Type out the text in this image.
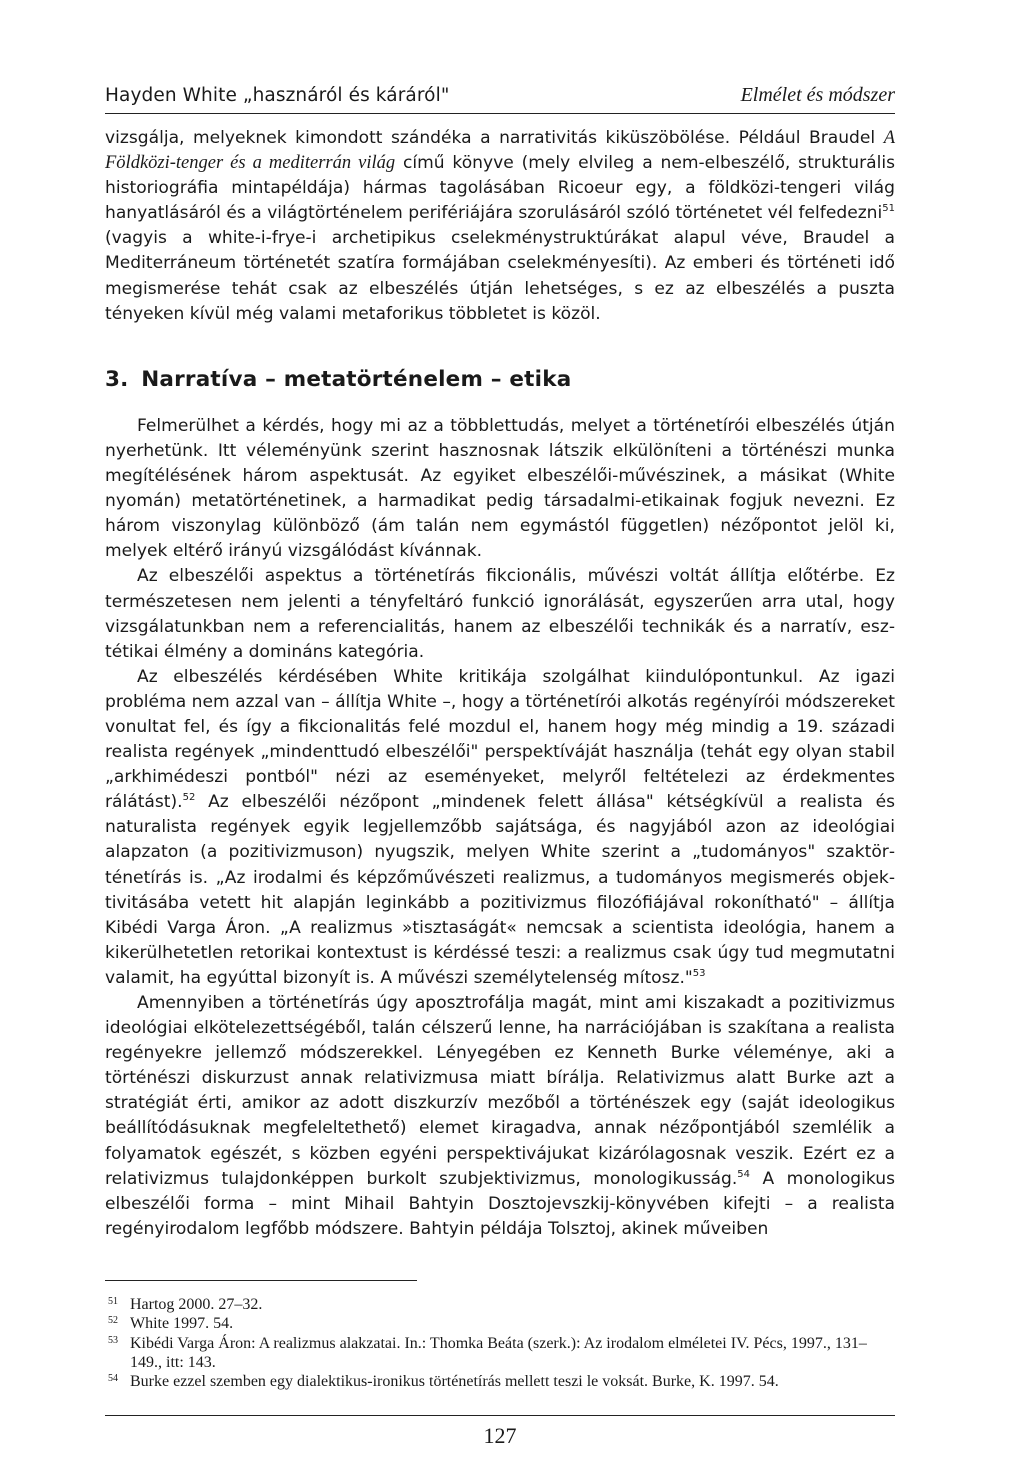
Hayden White „hasznáról és káráról"	Elmélet és módszer

vizsgálja, melyeknek kimondott szándéka a narrativitás kiküszöbölése. Például Braudel A Földközi-tenger és a mediterrán világ című könyve (mely elvileg a nem-elbeszélő, strukturális historiográfia mintapéldája) hármas tagolásában Ricoeur egy, a földközi-tengeri világ hanyatlásáról és a világtörténelem perifériájára szorulásáról szóló történetet vél felfedezni$^{51}$ (vagyis a white-i-frye-i archetipikus cselekménystruktúrákat alapul véve, Braudel a Mediterráneum történetét szatíra formájában cselekményesíti). Az emberi és történeti idő megismerése tehát csak az elbeszélés útján lehetséges, s ez az elbeszélés a puszta tényeken kívül még valami metaforikus többletet is közöl.

3. Narratíva – metatörténelem – etika

Felmerülhet a kérdés, hogy mi az a többlettudás, melyet a történetírói elbeszélés útján nyerhetünk. Itt véleményünk szerint hasznosnak látszik elkülöníteni a történészi munka megítélésének három aspektusát. Az egyiket elbeszélői-művészinek, a másikat (White nyomán) metatörténetinek, a harmadikat pedig társadalmi-etikainak fogjuk nevezni. Ez három viszonylag különböző (ám talán nem egymástól független) nézőpontot jelöl ki, melyek eltérő irányú vizsgálódást kívánnak.

Az elbeszélői aspektus a történetírás fikcionális, művészi voltát állítja előtérbe. Ez természetesen nem jelenti a tényfeltáró funkció ignorálását, egyszerűen arra utal, hogy vizsgálatunkban nem a referencialitás, hanem az elbeszélői technikák és a narratív, esztétikai élmény a domináns kategória.

Az elbeszélés kérdésében White kritikája szolgálhat kiindulópontunkul. Az igazi probléma nem azzal van – állítja White –, hogy a történetírói alkotás regényírói módszereket vonultat fel, és így a fikcionalitás felé mozdul el, hanem hogy még mindig a 19. századi realista regények „mindenttudó elbeszélői" perspektíváját használja (tehát egy olyan stabil „arkhimédeszi pontból" nézi az eseményeket, melyről feltételezi az érdekmentes rálátást).$^{52}$ Az elbeszélői nézőpont „mindenek felett állása" kétségkívül a realista és naturalista regények egyik legjellemzőbb sajátsága, és nagyjából azon az ideológiai alapzaton (a pozitivizmuson) nyugszik, melyen White szerint a „tudományos" szaktörténetírás is. „Az irodalmi és képzőművészeti realizmus, a tudományos megismerés objektivitásába vetett hit alapján leginkább a pozitivizmus filozófiájával rokonítható" – állítja Kibédi Varga Áron. „A realizmus »tisztaságát« nemcsak a scientista ideológia, hanem a kikerülhetetlen retorikai kontextust is kérdéssé teszi: a realizmus csak úgy tud megmutatni valamit, ha egyúttal bizonyít is. A művészi személytelenség mítosz."$^{53}$

Amennyiben a történetírás úgy aposztrofálja magát, mint ami kiszakadt a pozitivizmus ideológiai elkötelezettségéből, talán célszerű lenne, ha narrációjában is szakítana a realista regényekre jellemző módszerekkel. Lényegében ez Kenneth Burke véleménye, aki a történészi diskurzust annak relativizmusa miatt bírálja. Relativizmus alatt Burke azt a stratégiát érti, amikor az adott diszkurzív mezőből a történészek egy (saját ideologikus beállítódásuknak megfeleltethető) elemet kiragadva, annak nézőpontjából szemlélik a folyamatok egészét, s közben egyéni perspektivájukat kizárólagosnak veszik. Ezért ez a relativizmus tulajdonképpen burkolt szubjektivizmus, monologikusság.$^{54}$ A monologikus elbeszélői forma – mint Mihail Bahtyin Dosztojevszkij-könyvében kifejti – a realista regényirodalom legfőbb módszere. Bahtyin példája Tolsztoj, akinek műveiben

51 Hartog 2000. 27–32.
52 White 1997. 54.
53 Kibédi Varga Áron: A realizmus alakzatai. In.: Thomka Beáta (szerk.): Az irodalom elméletei IV. Pécs, 1997., 131–149., itt: 143.
54 Burke ezzel szemben egy dialektikus-ironikus történetírás mellett teszi le voksát. Burke, K. 1997. 54.
127
